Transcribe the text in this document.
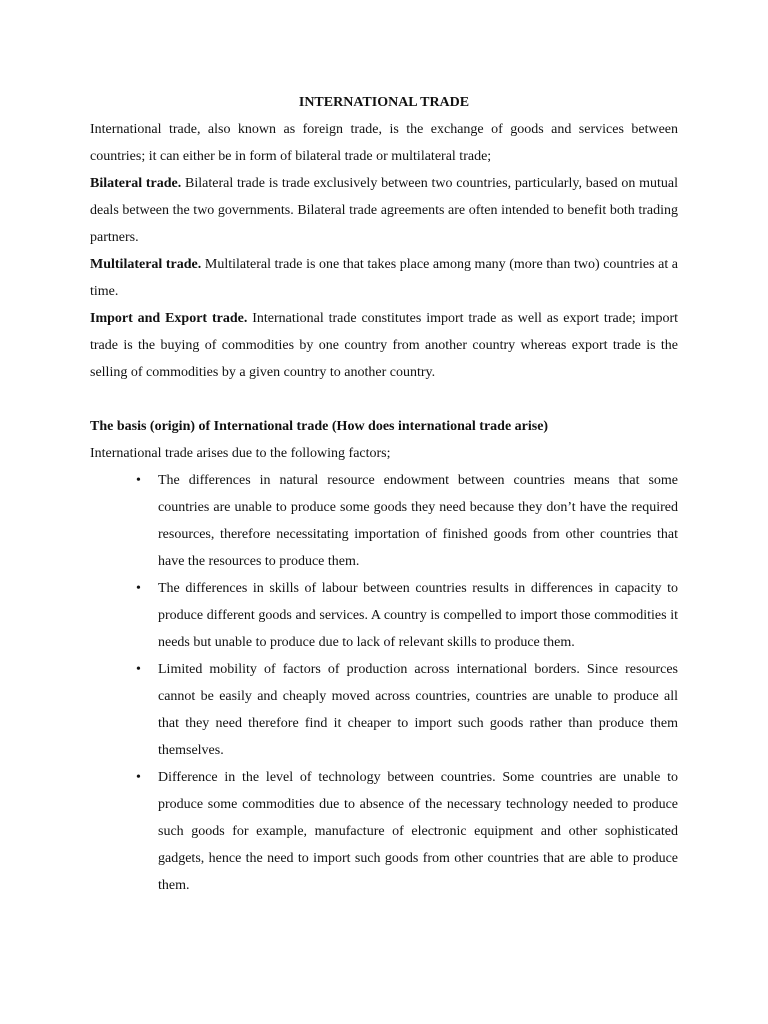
INTERNATIONAL TRADE

International trade, also known as foreign trade, is the exchange of goods and services between countries; it can either be in form of bilateral trade or multilateral trade;

Bilateral trade. Bilateral trade is trade exclusively between two countries, particularly, based on mutual deals between the two governments. Bilateral trade agreements are often intended to benefit both trading partners.

Multilateral trade. Multilateral trade is one that takes place among many (more than two) countries at a time.

Import and Export trade. International trade constitutes import trade as well as export trade; import trade is the buying of commodities by one country from another country whereas export trade is the selling of commodities by a given country to another country.

The basis (origin) of International trade (How does international trade arise)

International trade arises due to the following factors;

• The differences in natural resource endowment between countries means that some countries are unable to produce some goods they need because they don’t have the required resources, therefore necessitating importation of finished goods from other countries that have the resources to produce them.
• The differences in skills of labour between countries results in differences in capacity to produce different goods and services. A country is compelled to import those commodities it needs but unable to produce due to lack of relevant skills to produce them.
• Limited mobility of factors of production across international borders. Since resources cannot be easily and cheaply moved across countries, countries are unable to produce all that they need therefore find it cheaper to import such goods rather than produce them themselves.
• Difference in the level of technology between countries. Some countries are unable to produce some commodities due to absence of the necessary technology needed to produce such goods for example, manufacture of electronic equipment and other sophisticated gadgets, hence the need to import such goods from other countries that are able to produce them.
